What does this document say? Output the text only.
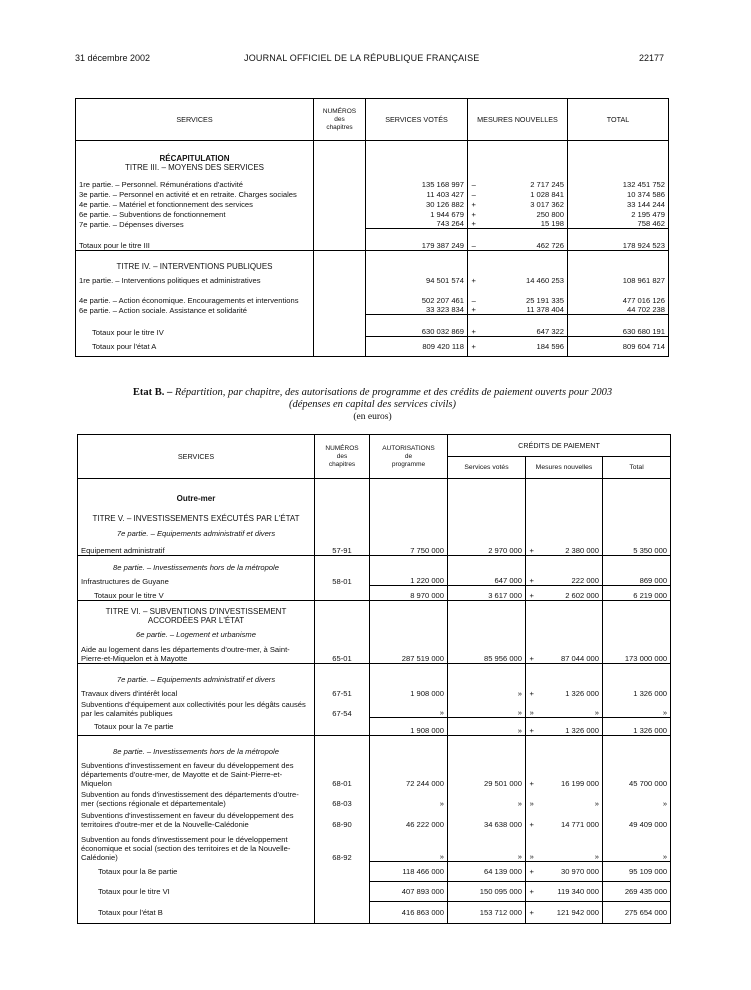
31 décembre 2002	JOURNAL OFFICIEL DE LA RÉPUBLIQUE FRANÇAISE	22177
SERVICES	NUMÉROS
des
chapitres	SERVICES VOTÉS	MESURES NOUVELLES		TOTAL
RÉCAPITULATION					
TITRE III. – MOYENS DES SERVICES					
1re partie. – Personnel. Rémunérations d'activité		135 168 997	–	2 717 245	132 451 752
3e partie. – Personnel en activité et en retraite. Charges sociales		11 403 427	–	1 028 841	10 374 586
4e partie. – Matériel et fonctionnement des services		30 126 882	+	3 017 362	33 144 244
6e partie. – Subventions de fonctionnement		1 944 679	+	250 800	2 195 479
7e partie. – Dépenses diverses		743 264	+	15 198	758 462
Totaux pour le titre III		179 387 249	–	462 726	178 924 523
TITRE IV. – INTERVENTIONS PUBLIQUES					
1re partie. – Interventions politiques et administratives		94 501 574	+	14 460 253	108 961 827
4e partie. – Action économique. Encouragements et interventions		502 207 461	–	25 191 335	477 016 126
6e partie. – Action sociale. Assistance et solidarité		33 323 834	+	11 378 404	44 702 238
Totaux pour le titre IV		630 032 869	+	647 322	630 680 191
Totaux pour l'état A		809 420 118	+	184 596	809 604 714
Etat B. – Répartition, par chapitre, des autorisations de programme et des crédits de paiement ouverts pour 2003
(dépenses en capital des services civils)
(en euros)
SERVICES	NUMÉROS
des
chapitres	AUTORISATIONS
de
programme	CRÉDITS DE PAIEMENT			
			Services votés	Mesures nouvelles		Total
Outre-mer						
TITRE V. – INVESTISSEMENTS EXÉCUTÉS PAR L'ÉTAT						
7e partie. – Equipements administratif et divers						
Equipement administratif	57-91	7 750 000	2 970 000	+	2 380 000	5 350 000
8e partie. – Investissements hors de la métropole						
Infrastructures de Guyane	58-01	1 220 000	647 000	+	222 000	869 000
Totaux pour le titre V		8 970 000	3 617 000	+	2 602 000	6 219 000
TITRE VI. – SUBVENTIONS D'INVESTISSEMENT ACCORDÉES PAR L'ÉTAT						
6e partie. – Logement et urbanisme						
Aide au logement dans les départements d'outre-mer, à Saint-Pierre-et-Miquelon et à Mayotte	65-01	287 519 000	85 956 000	+	87 044 000	173 000 000
7e partie. – Equipements administratif et divers						
Travaux divers d'intérêt local	67-51	1 908 000	»	+	1 326 000	1 326 000
Subventions d'équipement aux collectivités pour les dégâts causés par les calamités publiques	67-54	»	»	»	»	»
Totaux pour la 7e partie		1 908 000	»	+	1 326 000	1 326 000
8e partie. – Investissements hors de la métropole						
Subventions d'investissement en faveur du développement des départements d'outre-mer, de Mayotte et de Saint-Pierre-et-Miquelon	68-01	72 244 000	29 501 000	+	16 199 000	45 700 000
Subvention au fonds d'investissement des départements d'outre-mer (sections régionale et départementale)	68-03	»	»	»	»	»
Subventions d'investissement en faveur du développement des territoires d'outre-mer et de la Nouvelle-Calédonie	68-90	46 222 000	34 638 000	+	14 771 000	49 409 000
Subvention au fonds d'investissement pour le développement économique et social (section des territoires et de la Nouvelle-Calédonie)	68-92	»	»	»	»	»
Totaux pour la 8e partie		118 466 000	64 139 000	+	30 970 000	95 109 000
Totaux pour le titre VI		407 893 000	150 095 000	+	119 340 000	269 435 000
Totaux pour l'état B		416 863 000	153 712 000	+	121 942 000	275 654 000
